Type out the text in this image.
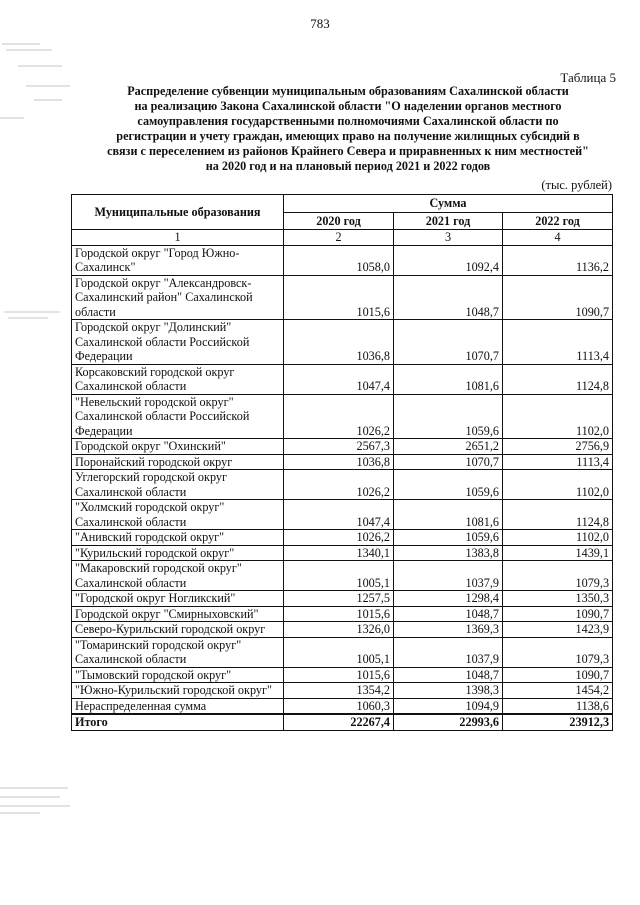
783
Таблица 5
Распределение субвенции муниципальным образованиям Сахалинской области
на реализацию Закона Сахалинской области "О наделении органов местного
самоуправления государственными полномочиями Сахалинской области по
регистрации и учету граждан, имеющих право на получение жилищных субсидий в
связи с переселением из районов Крайнего Севера и приравненных к ним местностей"
на 2020 год и на плановый период 2021 и 2022 годов
(тыс. рублей)
Муниципальные образования	Сумма		
	2020 год	2021 год	2022 год
1	2	3	4
Городской округ "Город Южно-Сахалинск"	1058,0	1092,4	1136,2
Городской округ "Александровск-Сахалинский район" Сахалинской области	1015,6	1048,7	1090,7
Городской округ "Долинский" Сахалинской области Российской Федерации	1036,8	1070,7	1113,4
Корсаковский городской округ Сахалинской области	1047,4	1081,6	1124,8
"Невельский городской округ" Сахалинской области Российской Федерации	1026,2	1059,6	1102,0
Городской округ "Охинский"	2567,3	2651,2	2756,9
Поронайский городской округ	1036,8	1070,7	1113,4
Углегорский городской округ Сахалинской области	1026,2	1059,6	1102,0
"Холмский городской округ" Сахалинской области	1047,4	1081,6	1124,8
"Анивский городской округ"	1026,2	1059,6	1102,0
"Курильский городской округ"	1340,1	1383,8	1439,1
"Макаровский городской округ" Сахалинской области	1005,1	1037,9	1079,3
"Городской округ Ногликский"	1257,5	1298,4	1350,3
Городской округ "Смирныховский"	1015,6	1048,7	1090,7
Северо-Курильский городской округ	1326,0	1369,3	1423,9
"Томаринский городской округ" Сахалинской области	1005,1	1037,9	1079,3
"Тымовский городской округ"	1015,6	1048,7	1090,7
"Южно-Курильский городской округ"	1354,2	1398,3	1454,2
Нераспределенная сумма	1060,3	1094,9	1138,6
Итого	22267,4	22993,6	23912,3
